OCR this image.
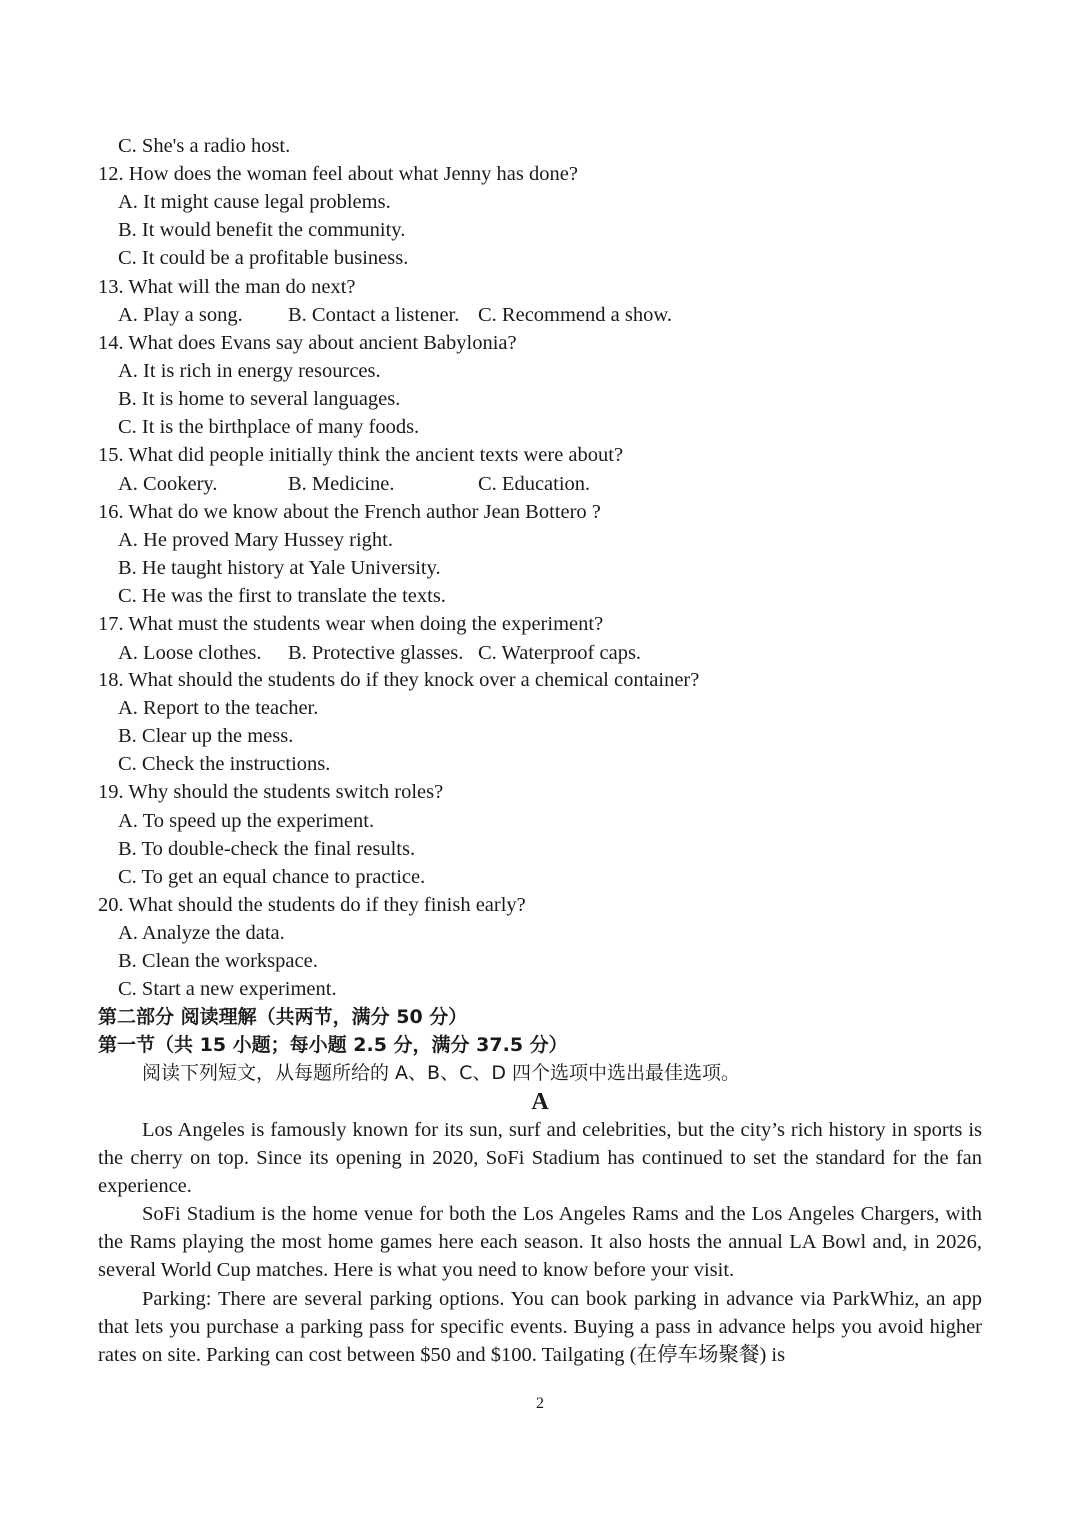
C. She's a radio host.
12. How does the woman feel about what Jenny has done?
A. It might cause legal problems.
B. It would benefit the community.
C. It could be a profitable business.
13. What will the man do next?
A. Play a song. B. Contact a listener. C. Recommend a show.
14. What does Evans say about ancient Babylonia?
A. It is rich in energy resources.
B. It is home to several languages.
C. It is the birthplace of many foods.
15. What did people initially think the ancient texts were about?
A. Cookery.	B. Medicine.	C. Education.
16. What do we know about the French author Jean Bottero ?
A. He proved Mary Hussey right.
B. He taught history at Yale University.
C. He was the first to translate the texts.
17. What must the students wear when doing the experiment?
A. Loose clothes. B. Protective glasses. C. Waterproof caps.
18. What should the students do if they knock over a chemical container?
A. Report to the teacher.
B. Clear up the mess.
C. Check the instructions.
19. Why should the students switch roles?
A. To speed up the experiment.
B. To double-check the final results.
C. To get an equal chance to practice.
20. What should the students do if they finish early?
A. Analyze the data.
B. Clean the workspace.
C. Start a new experiment.
第二部分 阅读理解（共两节，满分 50 分）
第一节（共 15 小题；每小题 2.5 分，满分 37.5 分）
阅读下列短文，从每题所给的 A、B、C、D 四个选项中选出最佳选项。
A
Los Angeles is famously known for its sun, surf and celebrities, but the city’s rich history in sports is the cherry on top. Since its opening in 2020, SoFi Stadium has continued to set the standard for the fan experience.
SoFi Stadium is the home venue for both the Los Angeles Rams and the Los Angeles Chargers, with the Rams playing the most home games here each season. It also hosts the annual LA Bowl and, in 2026, several World Cup matches. Here is what you need to know before your visit.
Parking: There are several parking options. You can book parking in advance via ParkWhiz, an app that lets you purchase a parking pass for specific events. Buying a pass in advance helps you avoid higher rates on site. Parking can cost between $50 and $100. Tailgating (在停车场聚餐) is
2
